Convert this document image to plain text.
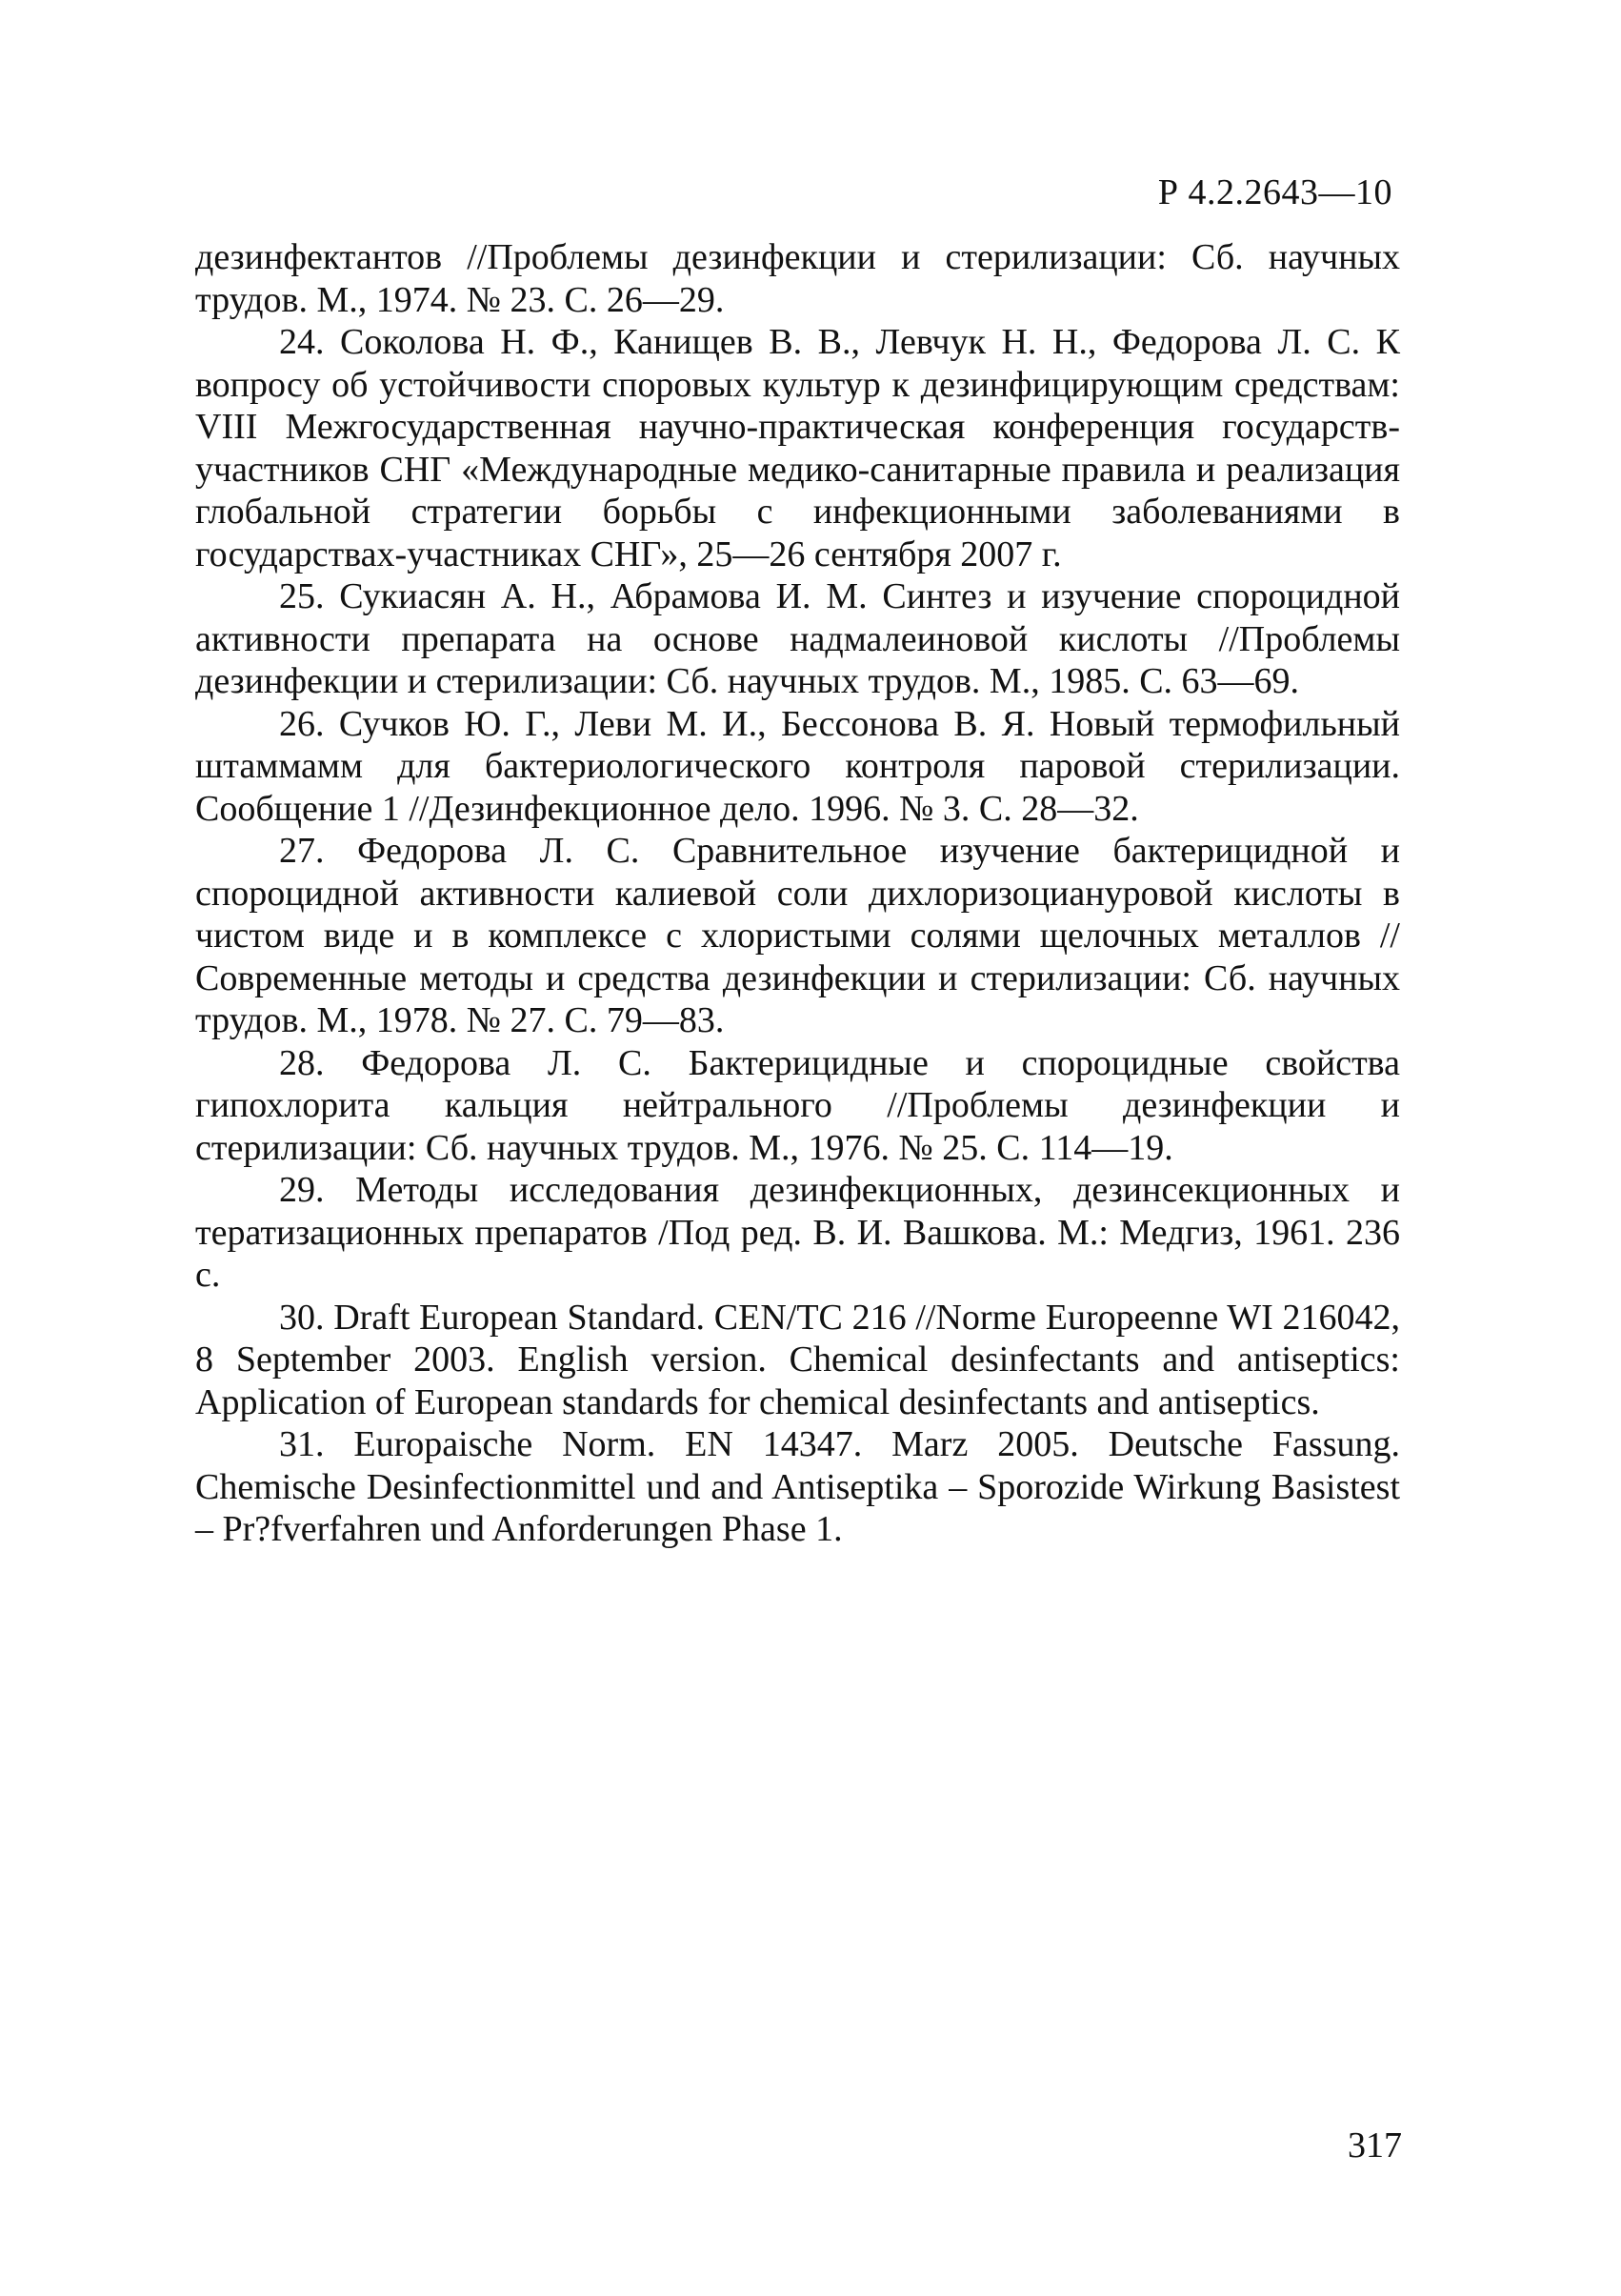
Р 4.2.2643—10

дезинфектантов //Проблемы дезинфекции и стерилизации: Сб. научных трудов. М., 1974. № 23. С. 26—29.

24. Соколова Н. Ф., Канищев В. В., Левчук Н. Н., Федорова Л. С. К вопросу об устойчивости споровых культур к дезинфицирующим средствам: VIII Межгосударственная научно-практическая конференция государств-участников СНГ «Международные медико-санитарные правила и реализация глобальной стратегии борьбы с инфекционными заболеваниями в государствах-участниках СНГ», 25—26 сентября 2007 г.

25. Сукиасян А. Н., Абрамова И. М. Синтез и изучение спороцидной активности препарата на основе надмалеиновой кислоты //Проблемы дезинфекции и стерилизации: Сб. научных трудов. М., 1985. С. 63—69.

26. Сучков Ю. Г., Леви М. И., Бессонова В. Я. Новый термофильный штаммамм для бактериологического контроля паровой стерилизации. Сообщение 1 //Дезинфекционное дело. 1996. № 3. С. 28—32.

27. Федорова Л. С. Сравнительное изучение бактерицидной и спороцидной активности калиевой соли дихлоризоциануровой кислоты в чистом виде и в комплексе с хлористыми солями щелочных металлов //Современные методы и средства дезинфекции и стерилизации: Сб. научных трудов. М., 1978. № 27. С. 79—83.

28. Федорова Л. С. Бактерицидные и спороцидные свойства гипохлорита кальция нейтрального //Проблемы дезинфекции и стерилизации: Сб. научных трудов. М., 1976. № 25. С. 114—19.

29. Методы исследования дезинфекционных, дезинсекционных и тератизационных препаратов /Под ред. В. И. Вашкова. М.: Медгиз, 1961. 236 с.

30. Draft European Standard. CEN/TC 216 //Norme Europeenne WI 216042, 8 September 2003. English version. Chemical desinfectants and antiseptics: Application of European standards for chemical desinfectants and antiseptics.

31. Europaische Norm. EN 14347. Marz 2005. Deutsche Fassung. Chemische Desinfectionmittel und and Antiseptika – Sporozide Wirkung Basistest – Pr?fverfahren und Anforderungen Phase 1.

317
